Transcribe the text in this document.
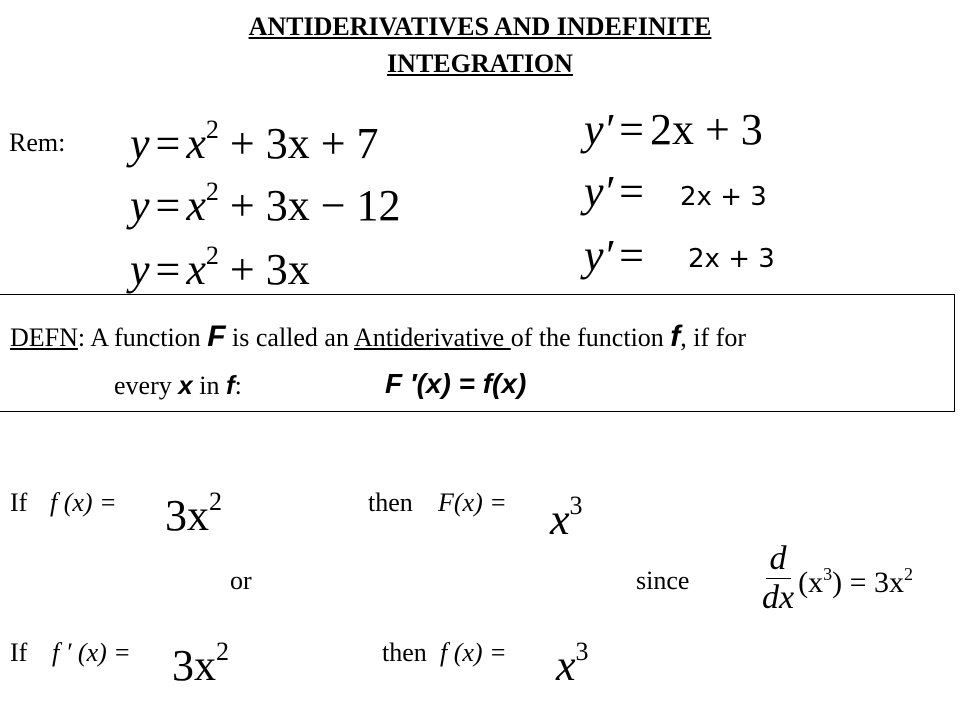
ANTIDERIVATIVES AND INDEFINITE
INTEGRATION
Rem: $y = x^2 + 3x + 7$	y′ = 2x + 3
$y = x^2 + 3x - 12$	y′ = 2x + 3
$y = x^2 + 3x$	y′ = 2x + 3
DEFN: A function F is called an Antiderivative of the function f, if for
every x in f:	F ′(x) = f(x)
If f $(x) = 3x^2$	then $F(x) = x^3$
or	since $\frac{d}{dx} (x^3) = 3x^2$
If f ′ $(x) = 3x^2$	then f $(x) = x^3$
